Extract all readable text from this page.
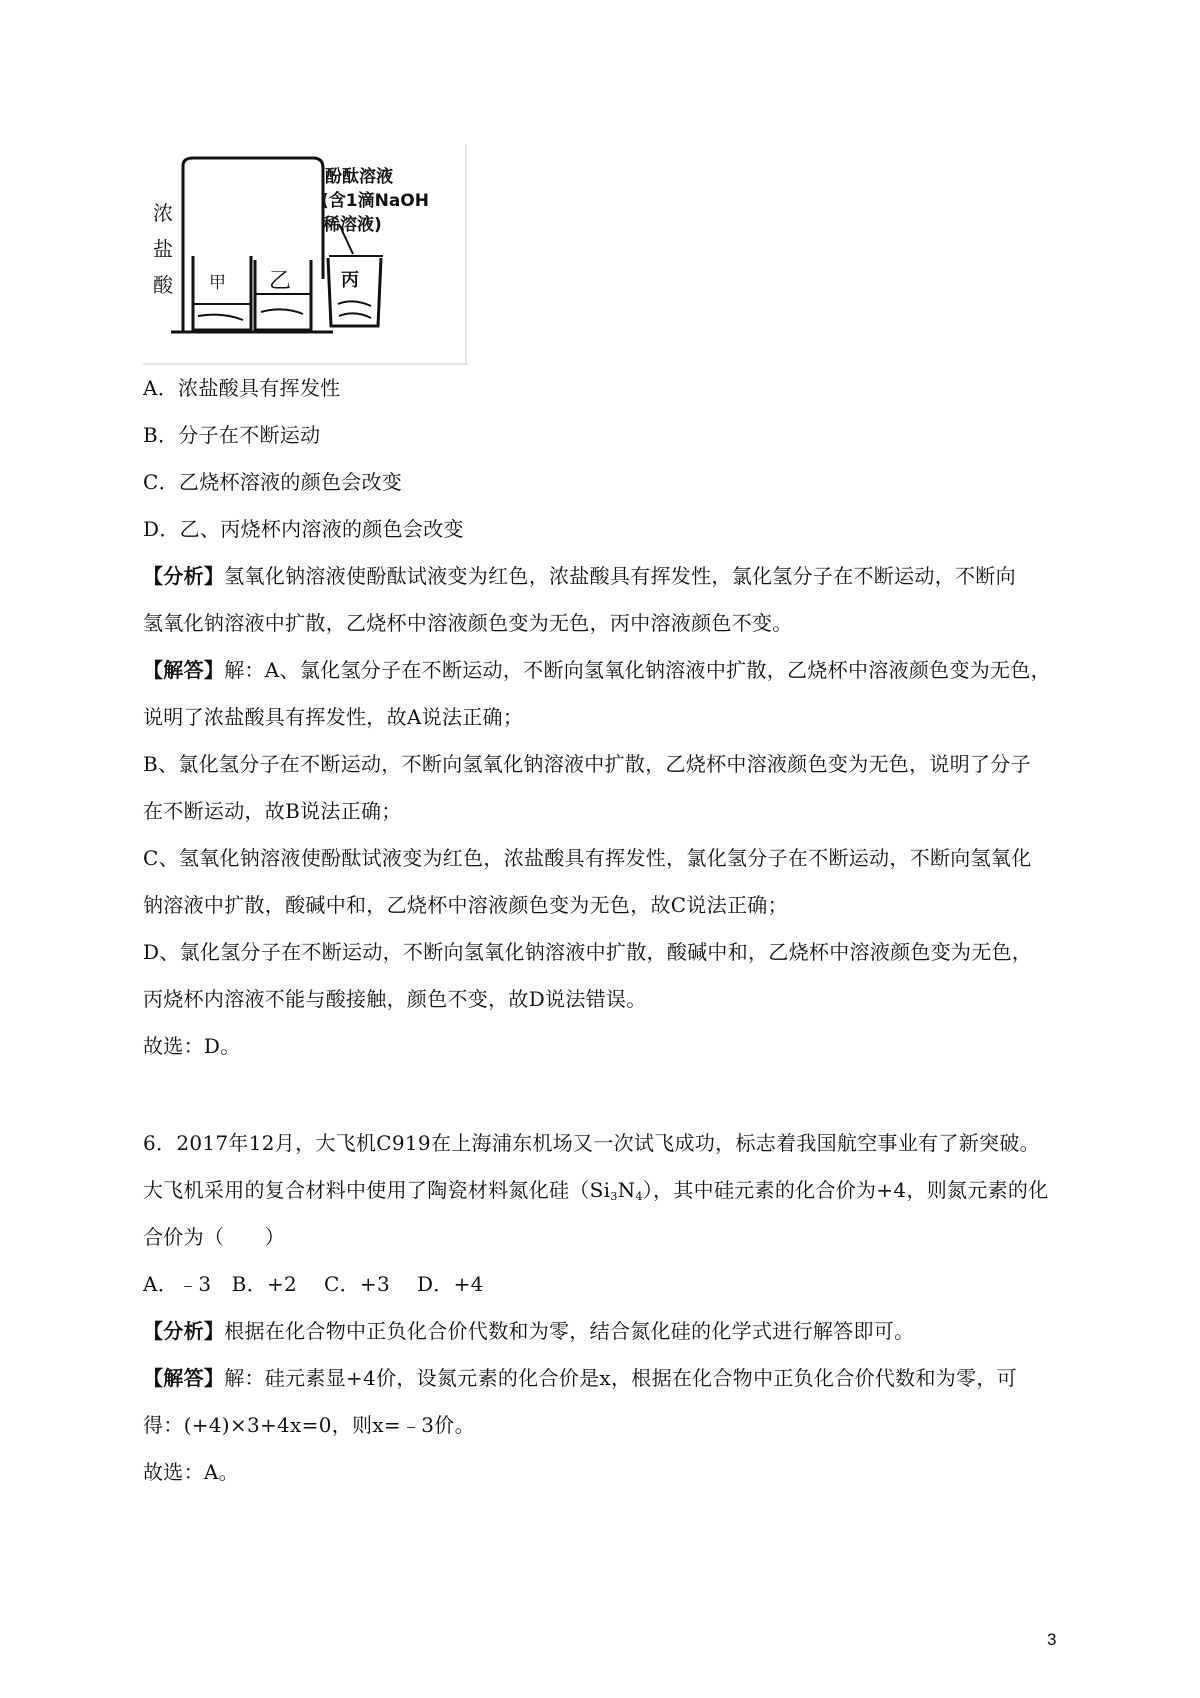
浓
盐
酸
酚酞溶液
(含1滴NaOH
稀溶液)
甲 乙	丙
A．浓盐酸具有挥发性
B．分子在不断运动
C．乙烧杯溶液的颜色会改变
D．乙、丙烧杯内溶液的颜色会改变
【分析】氢氧化钠溶液使酚酞试液变为红色，浓盐酸具有挥发性，氯化氢分子在不断运动，不断向
氢氧化钠溶液中扩散，乙烧杯中溶液颜色变为无色，丙中溶液颜色不变。
【解答】解：A、氯化氢分子在不断运动，不断向氢氧化钠溶液中扩散，乙烧杯中溶液颜色变为无色，
说明了浓盐酸具有挥发性，故A说法正确；
B、氯化氢分子在不断运动，不断向氢氧化钠溶液中扩散，乙烧杯中溶液颜色变为无色，说明了分子
在不断运动，故B说法正确；
C、氢氧化钠溶液使酚酞试液变为红色，浓盐酸具有挥发性，氯化氢分子在不断运动，不断向氢氧化
钠溶液中扩散，酸碱中和，乙烧杯中溶液颜色变为无色，故C说法正确；
D、氯化氢分子在不断运动，不断向氢氧化钠溶液中扩散，酸碱中和，乙烧杯中溶液颜色变为无色，
丙烧杯内溶液不能与酸接触，颜色不变，故D说法错误。
故选：D。
6．2017年12月，大飞机C919在上海浦东机场又一次试飞成功，标志着我国航空事业有了新突破。
大飞机采用的复合材料中使用了陶瓷材料氮化硅$(Si_3N_4)$，其中硅元素的化合价为+4，则氮元素的化
合价为（　　）
A．﹣3　B．+2　 C．+3　 D．+4
【分析】根据在化合物中正负化合价代数和为零，结合氮化硅的化学式进行解答即可。
【解答】解：硅元素显+4价，设氮元素的化合价是x，根据在化合物中正负化合价代数和为零，可
得：(+4)×3+4x=0，则x=﹣3价。
故选：A。
3
